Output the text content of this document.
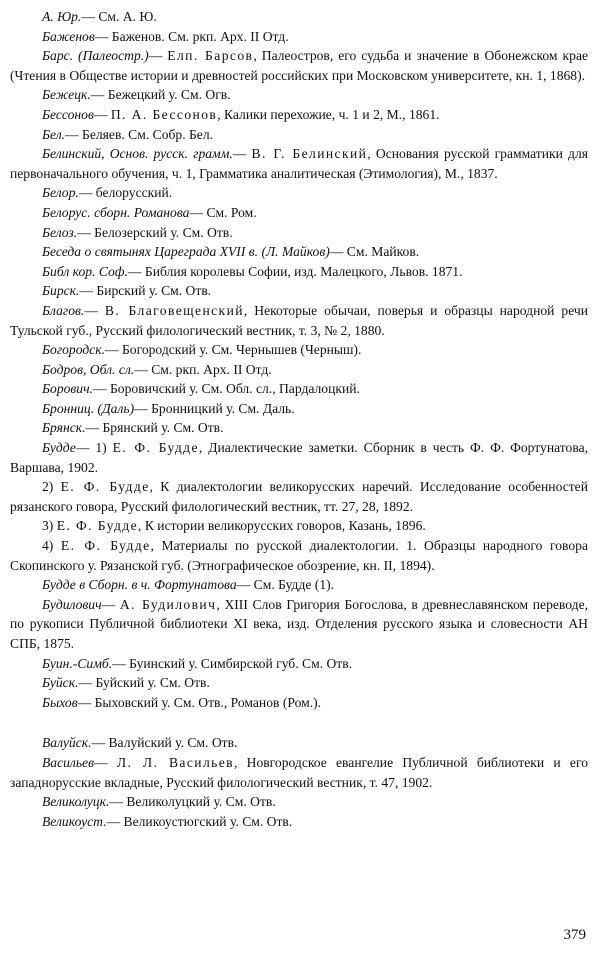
А. Юр.— См. А. Ю.

Баженов— Баженов. См. ркп. Арх. II Отд.

Барс. (Палеостр.)— Елп. Барсов, Палеостров, его судьба и значение в Обонежском крае (Чтения в Обществе истории и древностей российских при Московском университете, кн. 1, 1868).

Бежецк.— Бежецкий у. См. Огв.

Бессонов— П. А. Бессонов, Калики перехожие, ч. 1 и 2, М., 1861.

Бел.— Беляев. См. Собр. Бел.

Белинский, Основ. русск. грамм.— В. Г. Белинский, Основания русской грамматики для первоначального обучения, ч. 1, Грамматика аналитическая (Этимология), М., 1837.

Белор.— белорусский.

Белорус. сборн. Романова— См. Ром.

Белоз.— Белозерский у. См. Отв.

Беседа о святынях Цареграда XVII в. (Л. Майков)— См. Майков.

Библ кор. Соф.— Библия королевы Софии, изд. Малецкого, Львов. 1871.

Бирск.— Бирский у. См. Отв.

Благов.— В. Благовещенский, Некоторые обычаи, поверья и образцы народной речи Тульской губ., Русский филологический вестник, т. 3, № 2, 1880.

Богородск.— Богородский у. См. Чернышев (Черныш).

Бодров, Обл. сл.— См. ркп. Арх. II Отд.

Борович.— Боровичский у. См. Обл. сл., Пардалоцкий.

Бронниц. (Даль)— Бронницкий у. См. Даль.

Брянск.— Брянский у. См. Отв.

Будде— 1) Е. Ф. Будде, Диалектические заметки. Сборник в честь Ф. Ф. Фортунатова, Варшава, 1902.

2) Е. Ф. Будде, К диалектологии великорусских наречий. Исследование особенностей рязанского говора, Русский филологический вестник, тт. 27, 28, 1892.

3) Е. Ф. Будде, К истории великорусских говоров, Казань, 1896.

4) Е. Ф. Будде, Материалы по русской диалектологии. 1. Образцы народного говора Скопинского у. Рязанской губ. (Этнографическое обозрение, кн. II, 1894).

Будде в Сборн. в ч. Фортунатова— См. Будде (1).

Будилович— А. Будилович, XIII Слов Григория Богослова, в древнеславянском переводе, по рукописи Публичной библиотеки XI века, изд. Отделения русского языка и словесности АН СПБ, 1875.

Буин.-Симб.— Буинский у. Симбирской губ. См. Отв.

Буйск.— Буйский у. См. Отв.

Быхов— Быховский у. См. Отв., Романов (Ром.).

Валуйск.— Валуйский у. См. Отв.

Васильев— Л. Л. Васильев, Новгородское евангелие Публичной библиотеки и его западнорусские вкладные, Русский филологический вестник, т. 47, 1902.

Великолуцк.— Великолуцкий у. См. Отв.

Великоуст.— Великоустюгский у. См. Отв.

379
